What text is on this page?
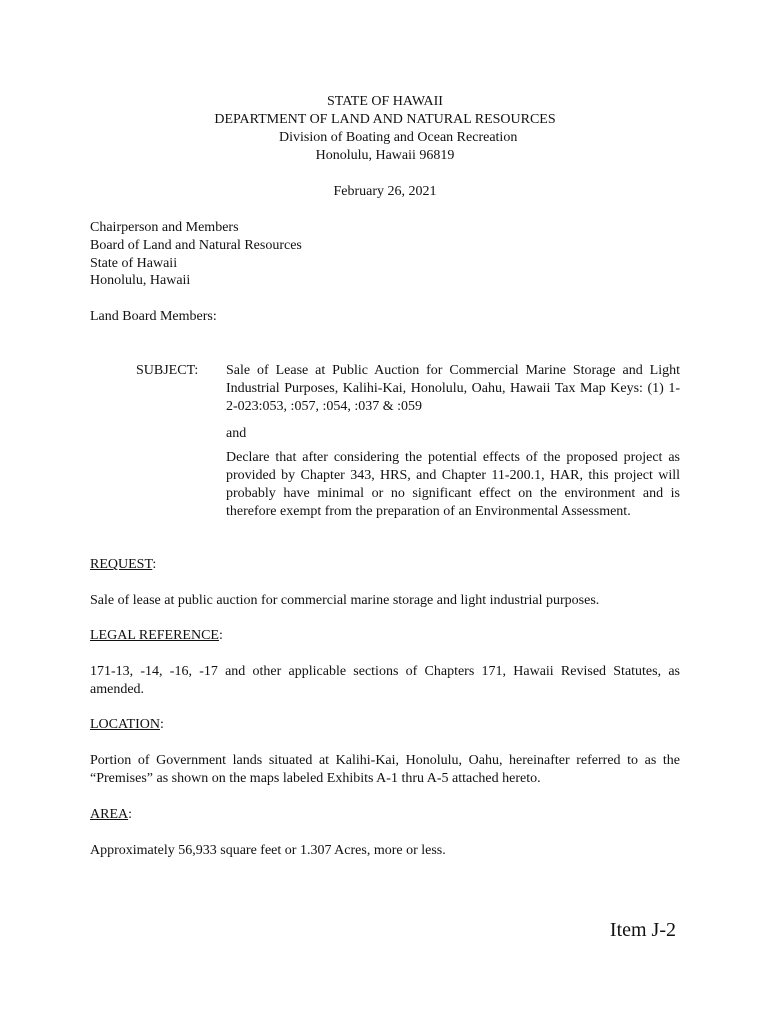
STATE OF HAWAII
DEPARTMENT OF LAND AND NATURAL RESOURCES
Division of Boating and Ocean Recreation
Honolulu, Hawaii 96819
February 26, 2021
Chairperson and Members
Board of Land and Natural Resources
State of Hawaii
Honolulu, Hawaii
Land Board Members:
SUBJECT: Sale of Lease at Public Auction for Commercial Marine Storage and Light Industrial Purposes, Kalihi-Kai, Honolulu, Oahu, Hawaii Tax Map Keys: (1) 1-2-023:053, :057, :054, :037 & :059
and
Declare that after considering the potential effects of the proposed project as provided by Chapter 343, HRS, and Chapter 11-200.1, HAR, this project will probably have minimal or no significant effect on the environment and is therefore exempt from the preparation of an Environmental Assessment.
REQUEST:
Sale of lease at public auction for commercial marine storage and light industrial purposes.
LEGAL REFERENCE:
171-13, -14, -16, -17 and other applicable sections of Chapters 171, Hawaii Revised Statutes, as amended.
LOCATION:
Portion of Government lands situated at Kalihi-Kai, Honolulu, Oahu, hereinafter referred to as the “Premises” as shown on the maps labeled Exhibits A-1 thru A-5 attached hereto.
AREA:
Approximately 56,933 square feet or 1.307 Acres, more or less.
Item J-2
